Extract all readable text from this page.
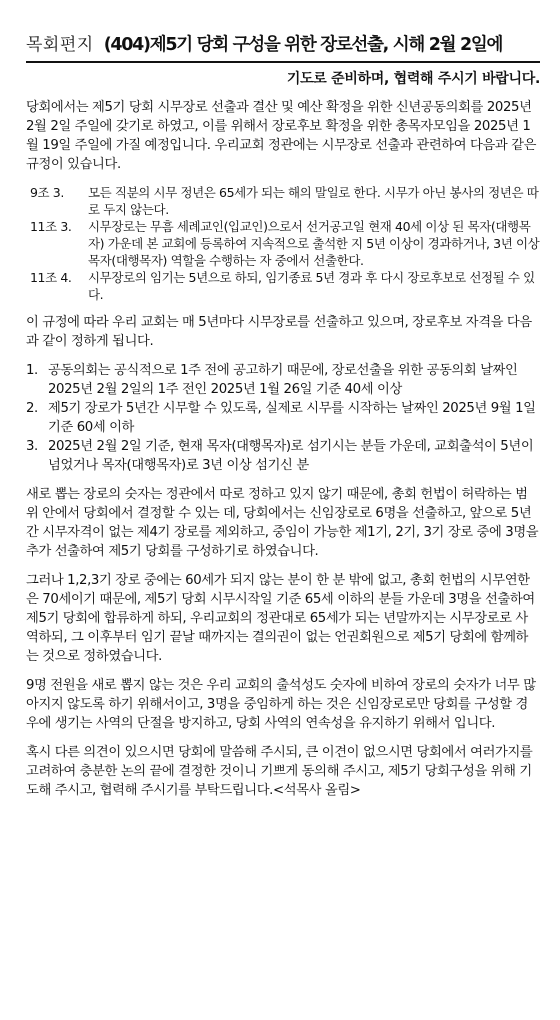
목회편지 (404)제5기 당회 구성을 위한 장로선출, 시해 2월 2일에
기도로 준비하며, 협력해 주시기 바랍니다.

당회에서는 제5기 당회 시무장로 선출과 결산 및 예산 확정을 위한 신년공동의회를 2025년 2월 2일 주일에 갖기로 하였고, 이를 위해서 장로후보 확정을 위한 총목자모임을 2025년 1월 19일 주일에 가질 예정입니다. 우리교회 정관에는 시무장로 선출과 관련하여 다음과 같은 규정이 있습니다.

9조 3.	모든 직분의 시무 정년은 65세가 되는 해의 말일로 한다. 시무가 아닌 봉사의 정년은 따로 두지 않는다.
11조 3.	시무장로는 무흠 세례교인(입교인)으로서 선거공고일 현재 40세 이상 된 목자(대행목자) 가운데 본 교회에 등록하여 지속적으로 출석한 지 5년 이상이 경과하거나, 3년 이상 목자(대행목자) 역할을 수행하는 자 중에서 선출한다.
11조 4.	시무장로의 임기는 5년으로 하되, 임기종료 5년 경과 후 다시 장로후보로 선정될 수 있다.

이 규정에 따라 우리 교회는 매 5년마다 시무장로를 선출하고 있으며, 장로후보 자격을 다음과 같이 정하게 됩니다.

1. 공동의회는 공식적으로 1주 전에 공고하기 때문에, 장로선출을 위한 공동의회 날짜인 2025년 2월 2일의 1주 전인 2025년 1월 26일 기준 40세 이상
2. 제5기 장로가 5년간 시무할 수 있도록, 실제로 시무를 시작하는 날짜인 2025년 9월 1일 기준 60세 이하
3. 2025년 2월 2일 기준, 현재 목자(대행목자)로 섬기시는 분들 가운데, 교회출석이 5년이 넘었거나 목자(대행목자)로 3년 이상 섬기신 분

새로 뽑는 장로의 숫자는 정관에서 따로 정하고 있지 않기 때문에, 총회 헌법이 허락하는 범위 안에서 당회에서 결정할 수 있는 데, 당회에서는 신임장로로 6명을 선출하고, 앞으로 5년간 시무자격이 없는 제4기 장로를 제외하고, 중임이 가능한 제1기, 2기, 3기 장로 중에 3명을 추가 선출하여 제5기 당회를 구성하기로 하였습니다.

그러나 1,2,3기 장로 중에는 60세가 되지 않는 분이 한 분 밖에 없고, 총회 헌법의 시무연한은 70세이기 때문에, 제5기 당회 시무시작일 기준 65세 이하의 분들 가운데 3명을 선출하여 제5기 당회에 합류하게 하되, 우리교회의 정관대로 65세가 되는 년말까지는 시무장로로 사역하되, 그 이후부터 임기 끝날 때까지는 결의권이 없는 언권회원으로 제5기 당회에 함께하는 것으로 정하였습니다.

9명 전원을 새로 뽑지 않는 것은 우리 교회의 출석성도 숫자에 비하여 장로의 숫자가 너무 많아지지 않도록 하기 위해서이고, 3명을 중임하게 하는 것은 신임장로로만 당회를 구성할 경우에 생기는 사역의 단절을 방지하고, 당회 사역의 연속성을 유지하기 위해서 입니다.

혹시 다른 의견이 있으시면 당회에 말씀해 주시되, 큰 이견이 없으시면 당회에서 여러가지를 고려하여 충분한 논의 끝에 결정한 것이니 기쁘게 동의해 주시고, 제5기 당회구성을 위해 기도해 주시고, 협력해 주시기를 부탁드립니다.<석목사 올림>
